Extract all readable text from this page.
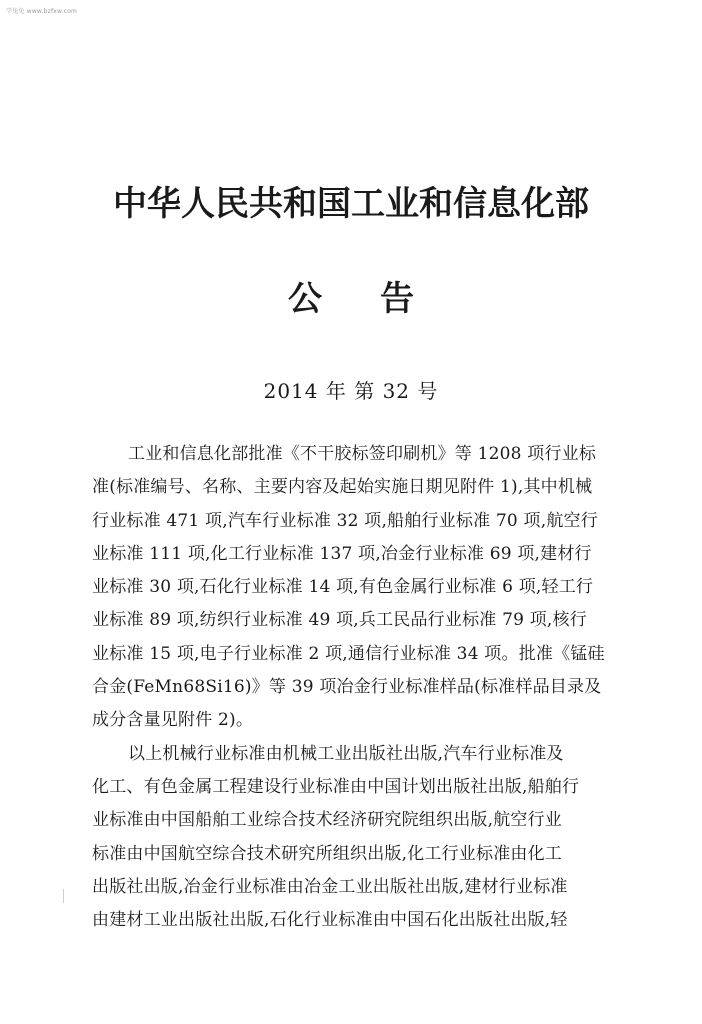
学兔兔 www.bzfxw.com
中华人民共和国工业和信息化部
公告
2014 年 第 32 号
工业和信息化部批准《不干胶标签印刷机》等 1208 项行业标
准(标准编号、名称、主要内容及起始实施日期见附件 1),其中机械
行业标准 471 项,汽车行业标准 32 项,船舶行业标准 70 项,航空行
业标准 111 项,化工行业标准 137 项,冶金行业标准 69 项,建材行
业标准 30 项,石化行业标准 14 项,有色金属行业标准 6 项,轻工行
业标准 89 项,纺织行业标准 49 项,兵工民品行业标准 79 项,核行
业标准 15 项,电子行业标准 2 项,通信行业标准 34 项。批准《锰硅
合金(FeMn68Si16)》等 39 项冶金行业标准样品(标准样品目录及
成分含量见附件 2)。
以上机械行业标准由机械工业出版社出版,汽车行业标准及
化工、有色金属工程建设行业标准由中国计划出版社出版,船舶行
业标准由中国船舶工业综合技术经济研究院组织出版,航空行业
标准由中国航空综合技术研究所组织出版,化工行业标准由化工
出版社出版,冶金行业标准由冶金工业出版社出版,建材行业标准
由建材工业出版社出版,石化行业标准由中国石化出版社出版,轻
